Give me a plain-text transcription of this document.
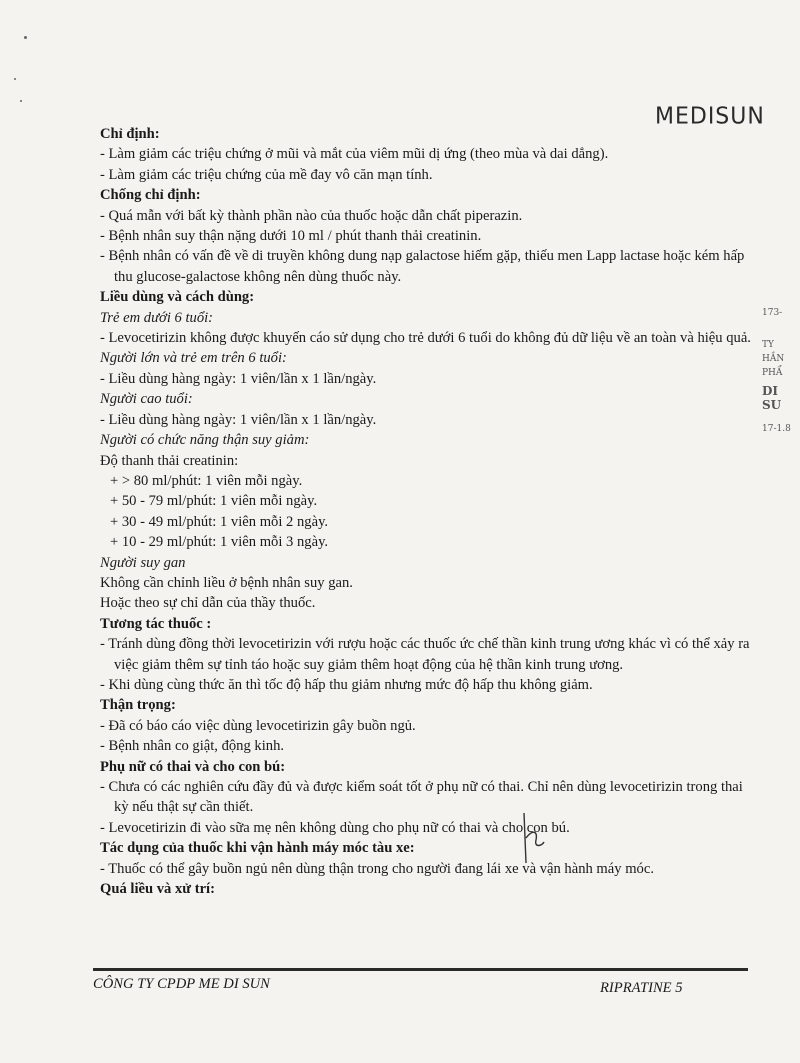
MEDISUN

Chỉ định:

- Làm giảm các triệu chứng ở mũi và mắt của viêm mũi dị ứng (theo mùa và dai dẳng).

- Làm giảm các triệu chứng của mề đay vô căn mạn tính.

Chống chỉ định:

- Quá mẫn với bất kỳ thành phần nào của thuốc hoặc dẫn chất piperazin.

- Bệnh nhân suy thận nặng dưới 10 ml / phút thanh thải creatinin.

- Bệnh nhân có vấn đề về di truyền không dung nạp galactose hiếm gặp, thiếu men Lapp lactase hoặc kém hấp thu glucose-galactose không nên dùng thuốc này.

Liều dùng và cách dùng:

Trẻ em dưới 6 tuổi:

- Levocetirizin không được khuyến cáo sử dụng cho trẻ dưới 6 tuổi do không đủ dữ liệu về an toàn và hiệu quả.

Người lớn và trẻ em trên 6 tuổi:

- Liều dùng hàng ngày: 1 viên/lần x 1 lần/ngày.

Người cao tuổi:

- Liều dùng hàng ngày: 1 viên/lần x 1 lần/ngày.

Người có chức năng thận suy giảm:

Độ thanh thải creatinin:

+ > 80 ml/phút: 1 viên mỗi ngày.

+ 50 - 79 ml/phút: 1 viên mỗi ngày.

+ 30 - 49 ml/phút: 1 viên mỗi 2 ngày.

+ 10 - 29 ml/phút: 1 viên mỗi 3 ngày.

Người suy gan

Không cần chỉnh liều ở bệnh nhân suy gan.

Hoặc theo sự chỉ dẫn của thầy thuốc.

Tương tác thuốc :

- Tránh dùng đồng thời levocetirizin với rượu hoặc các thuốc ức chế thần kinh trung ương khác vì có thể xảy ra việc giảm thêm sự tỉnh táo hoặc suy giảm thêm hoạt động của hệ thần kinh trung ương.

- Khi dùng cùng thức ăn thì tốc độ hấp thu giảm nhưng mức độ hấp thu không giảm.

Thận trọng:

- Đã có báo cáo việc dùng levocetirizin gây buồn ngủ.

- Bệnh nhân co giật, động kinh.

Phụ nữ có thai và cho con bú:

- Chưa có các nghiên cứu đầy đủ và được kiểm soát tốt ở phụ nữ có thai. Chỉ nên dùng levocetirizin trong thai kỳ nếu thật sự cần thiết.

- Levocetirizin đi vào sữa mẹ nên không dùng cho phụ nữ có thai và cho con bú.

Tác dụng của thuốc khi vận hành máy móc tàu xe:

- Thuốc có thể gây buồn ngủ nên dùng thận trong cho người đang lái xe và vận hành máy móc.

Quá liều và xử trí:

173-
TY
HẦN
PHẨ
DI SU
17-1.8
CÔNG TY CPDP ME DI SUN	RIPRATINE 5
